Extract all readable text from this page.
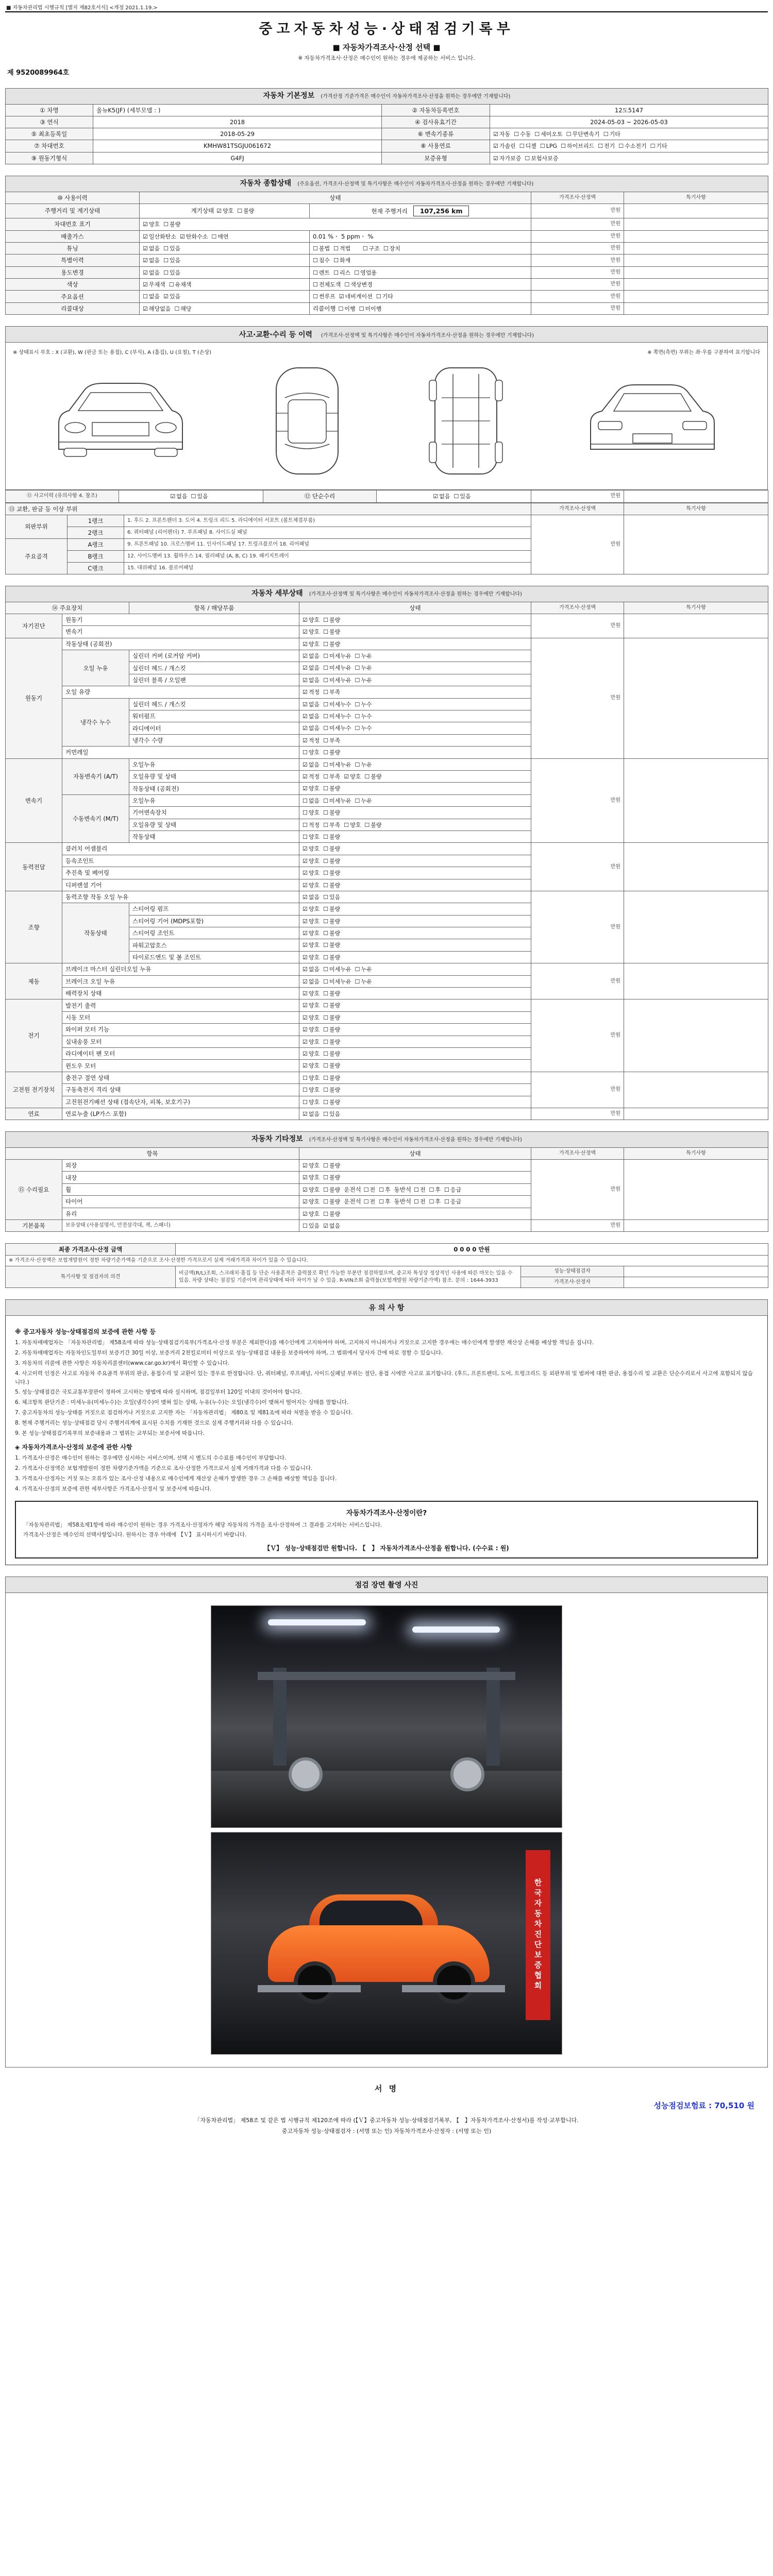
■ 자동차관리법 시행규칙 [별지 제82호서식] <개정 2021.1.19.>
중고자동차성능·상태점검기록부
■ 자동차가격조사·산정 선택 ■
※ 자동차가격조사·산정은 매수인이 원하는 경우에 제공하는 서비스 입니다.
제 9520089964호
자동차 기본정보 (가격산정 기준가격은 매수인이 자동차가격조사·산정을 원하는 경우에만 기재합니다)			
① 차명	올뉴K5(JF) (세부모델 : )	② 자동차등록번호	12도5147
③ 연식	2018	④ 검사유효기간	2024-05-03 ~ 2026-05-03
⑤ 최초등록일	2018-05-29	⑥ 변속기종류	☑ 자동 ☐ 수동 ☐ 세미오토 ☐ 무단변속기 ☐ 기타
⑦ 차대번호	KMHW81TSGJU061672	⑧ 사용연료	☑ 가솔린 ☐ 디젤 ☐ LPG ☐ 하이브리드 ☐ 전기 ☐ 수소전기 ☐ 기타
⑨ 원동기형식	G4FJ	보증유형	☑ 자가보증 ☐ 보험사보증
자동차 종합상태 (주요옵션, 가격조사·산정액 및 특기사항은 매수인이 자동차가격조사·산정을 원하는 경우에만 기재합니다)				
⑩ 사용이력	상태		가격조사·산정액	특기사항
주행거리 및 계기상태	계기상태 ☑ 양호 ☐ 불량	현재 주행거리 107,256 km	만원	
차대번호 표기	☑ 양호 ☐ 불량		만원	
배출가스	☑ 일산화탄소 ☑ 탄화수소 ☐ 매연	0.01 %ㆍ 5 ppmㆍ %	만원	
튜닝	☑ 없음 ☐ 있음	☐ 불법 ☐ 적법　 ☐ 구조 ☐ 장치	만원	
특별이력	☑ 없음 ☐ 있음	☐ 침수 ☐ 화재	만원	
용도변경	☑ 없음 ☐ 있음	☐ 렌트 ☐ 리스 ☐ 영업용	만원	
색상	☑ 무채색 ☐ 유채색	☐ 전체도색 ☐ 색상변경	만원	
주요옵션	☐ 없음 ☑ 있음	☐ 썬루프 ☑ 네비게이션 ☐ 기타	만원	
리콜대상	☑ 해당없음 ☐ 해당	리콜이행 ☐ 이행 ☐ 미이행	만원	
사고·교환·수리 등 이력 (가격조사·산정액 및 특기사항은 매수인이 자동차가격조사·산정을 원하는 경우에만 기재합니다)
※ 상태표시 부호 : X (교환), W (판금 또는 용접), C (부식), A (흠집), U (요철), T (손상)	※ 쪽면(측면) 부위는 좌·우를 구분하여 표기합니다
⑪ 사고이력 (유의사항 4. 참조)	☑ 없음 ☐ 있음	⑫ 단순수리	☑ 없음 ☐ 있음	만원	
⑬ 교환, 판금 등 이상 부위			가격조사·산정액	특기사항
외판부위	1랭크	1. 후드 2. 프론트펜더 3. 도어 4. 트렁크 리드 5. 라디에이터 서포트 (볼트체결부품)	만원	
	2랭크	6. 쿼터패널 (리어펜더) 7. 루프패널 8. 사이드실 패널		
주요골격	A랭크	9. 프론트패널 10. 크로스멤버 11. 인사이드패널 17. 트렁크플로어 18. 리어패널		
	B랭크	12. 사이드멤버 13. 휠하우스 14. 필러패널 (A, B, C) 19. 패키지트레이		
	C랭크	15. 대쉬패널 16. 플로어패널		
자동차 세부상태 (가격조사·산정액 및 특기사항은 매수인이 자동차가격조사·산정을 원하는 경우에만 기재합니다)					
⑭ 주요장치		항목 / 해당부품	상태	가격조사·산정액	특기사항
자기진단	원동기		☑ 양호 ☐ 불량	만원	
	변속기		☑ 양호 ☐ 불량		
원동기	작동상태 (공회전)		☑ 양호 ☐ 불량	만원	
	오일 누유	실린더 커버 (로커암 커버)	☑ 없음 ☐ 미세누유 ☐ 누유		
		실린더 헤드 / 개스킷	☑ 없음 ☐ 미세누유 ☐ 누유		
		실린더 블록 / 오일팬	☑ 없음 ☐ 미세누유 ☐ 누유		
	오일 유량		☑ 적정 ☐ 부족		
	냉각수 누수	실린더 헤드 / 개스킷	☑ 없음 ☐ 미세누수 ☐ 누수		
		워터펌프	☑ 없음 ☐ 미세누수 ☐ 누수		
		라디에이터	☑ 없음 ☐ 미세누수 ☐ 누수		
		냉각수 수량	☑ 적정 ☐ 부족		
	커먼레일		☐ 양호 ☐ 불량		
변속기	자동변속기 (A/T)	오일누유	☑ 없음 ☐ 미세누유 ☐ 누유	만원	
		오일유량 및 상태	☑ 적정 ☐ 부족 ☑ 양호 ☐ 불량		
		작동상태 (공회전)	☑ 양호 ☐ 불량		
	수동변속기 (M/T)	오일누유	☐ 없음 ☐ 미세누유 ☐ 누유		
		기어변속장치	☐ 양호 ☐ 불량		
		오일유량 및 상태	☐ 적정 ☐ 부족 ☐ 양호 ☐ 불량		
		작동상태	☐ 양호 ☐ 불량		
동력전달	클러치 어셈블리		☑ 양호 ☐ 불량	만원	
	등속조인트		☑ 양호 ☐ 불량		
	추진축 및 베어링		☑ 양호 ☐ 불량		
	디퍼렌셜 기어		☑ 양호 ☐ 불량		
조향	동력조향 작동 오일 누유		☑ 없음 ☐ 있음	만원	
	작동상태	스티어링 펌프	☑ 양호 ☐ 불량		
		스티어링 기어 (MDPS포함)	☑ 양호 ☐ 불량		
		스티어링 조인트	☑ 양호 ☐ 불량		
		파워고압호스	☑ 양호 ☐ 불량		
		타이로드엔드 및 볼 조인트	☑ 양호 ☐ 불량		
제동	브레이크 마스터 실린더오일 누유		☑ 없음 ☐ 미세누유 ☐ 누유	만원	
	브레이크 오일 누유		☑ 없음 ☐ 미세누유 ☐ 누유		
	배력장치 상태		☑ 양호 ☐ 불량		
전기	발전기 출력		☑ 양호 ☐ 불량	만원	
	시동 모터		☑ 양호 ☐ 불량		
	와이퍼 모터 기능		☑ 양호 ☐ 불량		
	실내송풍 모터		☑ 양호 ☐ 불량		
	라디에이터 팬 모터		☑ 양호 ☐ 불량		
	윈도우 모터		☑ 양호 ☐ 불량		
고전원 전기장치	충전구 절연 상태		☐ 양호 ☐ 불량	만원	
	구동축전지 격리 상태		☐ 양호 ☐ 불량		
	고전원전기배선 상태 (접속단자, 피복, 보호기구)		☐ 양호 ☐ 불량		
연료	연료누출 (LP가스 포함)		☑ 없음 ☐ 있음	만원	
자동차 기타정보 (가격조사·산정액 및 특기사항은 매수인이 자동차가격조사·산정을 원하는 경우에만 기재합니다)				
항목		상태	가격조사·산정액	특기사항
⑮ 수리필요	외장	☑ 양호 ☐ 불량	만원	
	내장	☑ 양호 ☐ 불량		
	휠	☑ 양호 ☐ 불량 운전석 ☐ 전 ☐ 후 동반석 ☐ 전 ☐ 후 ☐ 응급		
	타이어	☑ 양호 ☐ 불량 운전석 ☐ 전 ☐ 후 동반석 ☐ 전 ☐ 후 ☐ 응급		
	유리	☑ 양호 ☐ 불량		
기본품목	보유상태 (사용설명서, 안전삼각대, 잭, 스패너)	☐ 있음 ☑ 없음	만원	
최종 가격조사·산정 금액	0 0 0 0 만원		
※ 가격조사·산정액은 보험개발원이 정한 차량기준가액을 기준으로 조사·산정한 가격으로서 실제 거래가격과 차이가 있을 수 있습니다.			
특기사항 및 점검자의 의견	비금액(R/L)조회, 스크래치·흠집 등 단순 사용흔적은 출력물로 확인 가능한 부분만 점검하였으며, 중고차 특성상 정상적인 사용에 따른 마모는 있을 수 있음. 차량 상태는 점검일 기준이며 관리상태에 따라 차이가 날 수 있음. R-VIN조회 출력물(보험개발원 차량기준가액) 참조. 문의 : 1644-3933	성능·상태점검자	
		가격조사·산정자	
유 의 사 항
※ 중고자동차 성능·상태점검의 보증에 관한 사항 등
1. 자동차매매업자는 「자동차관리법」 제58조에 따라 성능·상태점검기록부(가격조사·산정 부분은 제외한다)를 매수인에게 고지하여야 하며, 고지하지 아니하거나 거짓으로 고지한 경우에는 매수인에게 발생한 재산상 손해를 배상할 책임을 집니다.
2. 자동차매매업자는 자동차인도일부터 보증기간 30일 이상, 보증거리 2천킬로미터 이상으로 성능·상태점검 내용을 보증하여야 하며, 그 범위에서 당사자 간에 따로 정할 수 있습니다.
3. 자동차의 리콜에 관한 사항은 자동차리콜센터(www.car.go.kr)에서 확인할 수 있습니다.
4. 사고이력 인정은 사고로 자동차 주요골격 부위의 판금, 용접수리 및 교환이 있는 경우로 한정합니다. 단, 쿼터패널, 루프패널, 사이드실패널 부위는 절단, 용접 시에만 사고로 표기합니다. (후드, 프론트펜더, 도어, 트렁크리드 등 외판부위 및 범퍼에 대한 판금, 용접수리 및 교환은 단순수리로서 사고에 포함되지 않습니다.)
5. 성능·상태점검은 국토교통부장관이 정하여 고시하는 방법에 따라 실시하며, 점검일부터 120일 이내의 것이어야 합니다.
6. 체크항목 판단기준 : 미세누유(미세누수)는 오일(냉각수)이 맺혀 있는 상태, 누유(누수)는 오일(냉각수)이 맺혀서 떨어지는 상태를 말합니다.
7. 중고자동차의 성능·상태를 거짓으로 점검하거나 거짓으로 고지한 자는 「자동차관리법」 제80조 및 제81조에 따라 처벌을 받을 수 있습니다.
8. 현재 주행거리는 성능·상태점검 당시 주행거리계에 표시된 수치를 기재한 것으로 실제 주행거리와 다를 수 있습니다.
9. 본 성능·상태점검기록부의 보증내용과 그 범위는 교부되는 보증서에 따릅니다.
◈ 자동차가격조사·산정의 보증에 관한 사항
1. 가격조사·산정은 매수인이 원하는 경우에만 실시하는 서비스이며, 선택 시 별도의 수수료를 매수인이 부담합니다.
2. 가격조사·산정액은 보험개발원이 정한 차량기준가액을 기준으로 조사·산정한 가격으로서 실제 거래가격과 다를 수 있습니다.
3. 가격조사·산정자는 거짓 또는 오류가 있는 조사·산정 내용으로 매수인에게 재산상 손해가 발생한 경우 그 손해를 배상할 책임을 집니다.
4. 가격조사·산정의 보증에 관한 세부사항은 가격조사·산정서 및 보증서에 따릅니다.
자동차가격조사·산정이란?
「자동차관리법」 제58조제1항에 따라 매수인이 원하는 경우 가격조사·산정자가 해당 자동차의 가격을 조사·산정하여 그 결과를 고지하는 서비스입니다.
가격조사·산정은 매수인의 선택사항입니다. 원하시는 경우 아래에 【Ｖ】 표시하시기 바랍니다.
【Ｖ】 성능·상태점검만 원합니다. 【　】 자동차가격조사·산정을 원합니다. (수수료 : 원)
점검 장면 촬영 사진
한국자동차진단보증협회
서 명
성능점검보험료 : 70,510 원
「자동차관리법」 제58조 및 같은 법 시행규칙 제120조에 따라 (【Ｖ】중고자동차 성능·상태점검기록부, 【　】자동차가격조사·산정서)를 작성·교부합니다.
중고자동차 성능·상태점검자 : (서명 또는 인) 자동차가격조사·산정자 : (서명 또는 인)
